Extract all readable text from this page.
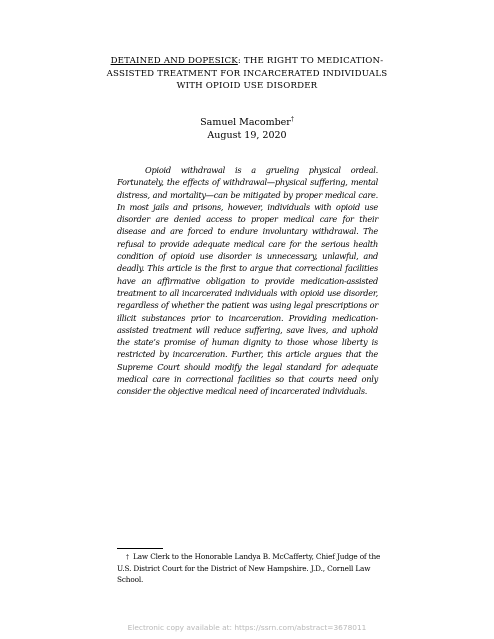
DETAINED AND DOPESICK: THE RIGHT TO MEDICATION-
ASSISTED TREATMENT FOR INCARCERATED INDIVIDUALS
WITH OPIOID USE DISORDER
Samuel Macomber†
August 19, 2020

Opioid withdrawal is a grueling physical ordeal. Fortunately, the effects of withdrawal—physical suffering, mental distress, and mortality—can be mitigated by proper medical care. In most jails and prisons, however, individuals with opioid use disorder are denied access to proper medical care for their disease and are forced to endure involuntary withdrawal. The refusal to provide adequate medical care for the serious health condition of opioid use disorder is unnecessary, unlawful, and deadly. This article is the first to argue that correctional facilities have an affirmative obligation to provide medication-assisted treatment to all incarcerated individuals with opioid use disorder, regardless of whether the patient was using legal prescriptions or illicit substances prior to incarceration. Providing medication-assisted treatment will reduce suffering, save lives, and uphold the state’s promise of human dignity to those whose liberty is restricted by incarceration. Further, this article argues that the Supreme Court should modify the legal standard for adequate medical care in correctional facilities so that courts need only consider the objective medical need of incarcerated individuals.

† Law Clerk to the Honorable Landya B. McCafferty, Chief Judge of the U.S. District Court for the District of New Hampshire. J.D., Cornell Law School.

Electronic copy available at: https://ssrn.com/abstract=3678011
